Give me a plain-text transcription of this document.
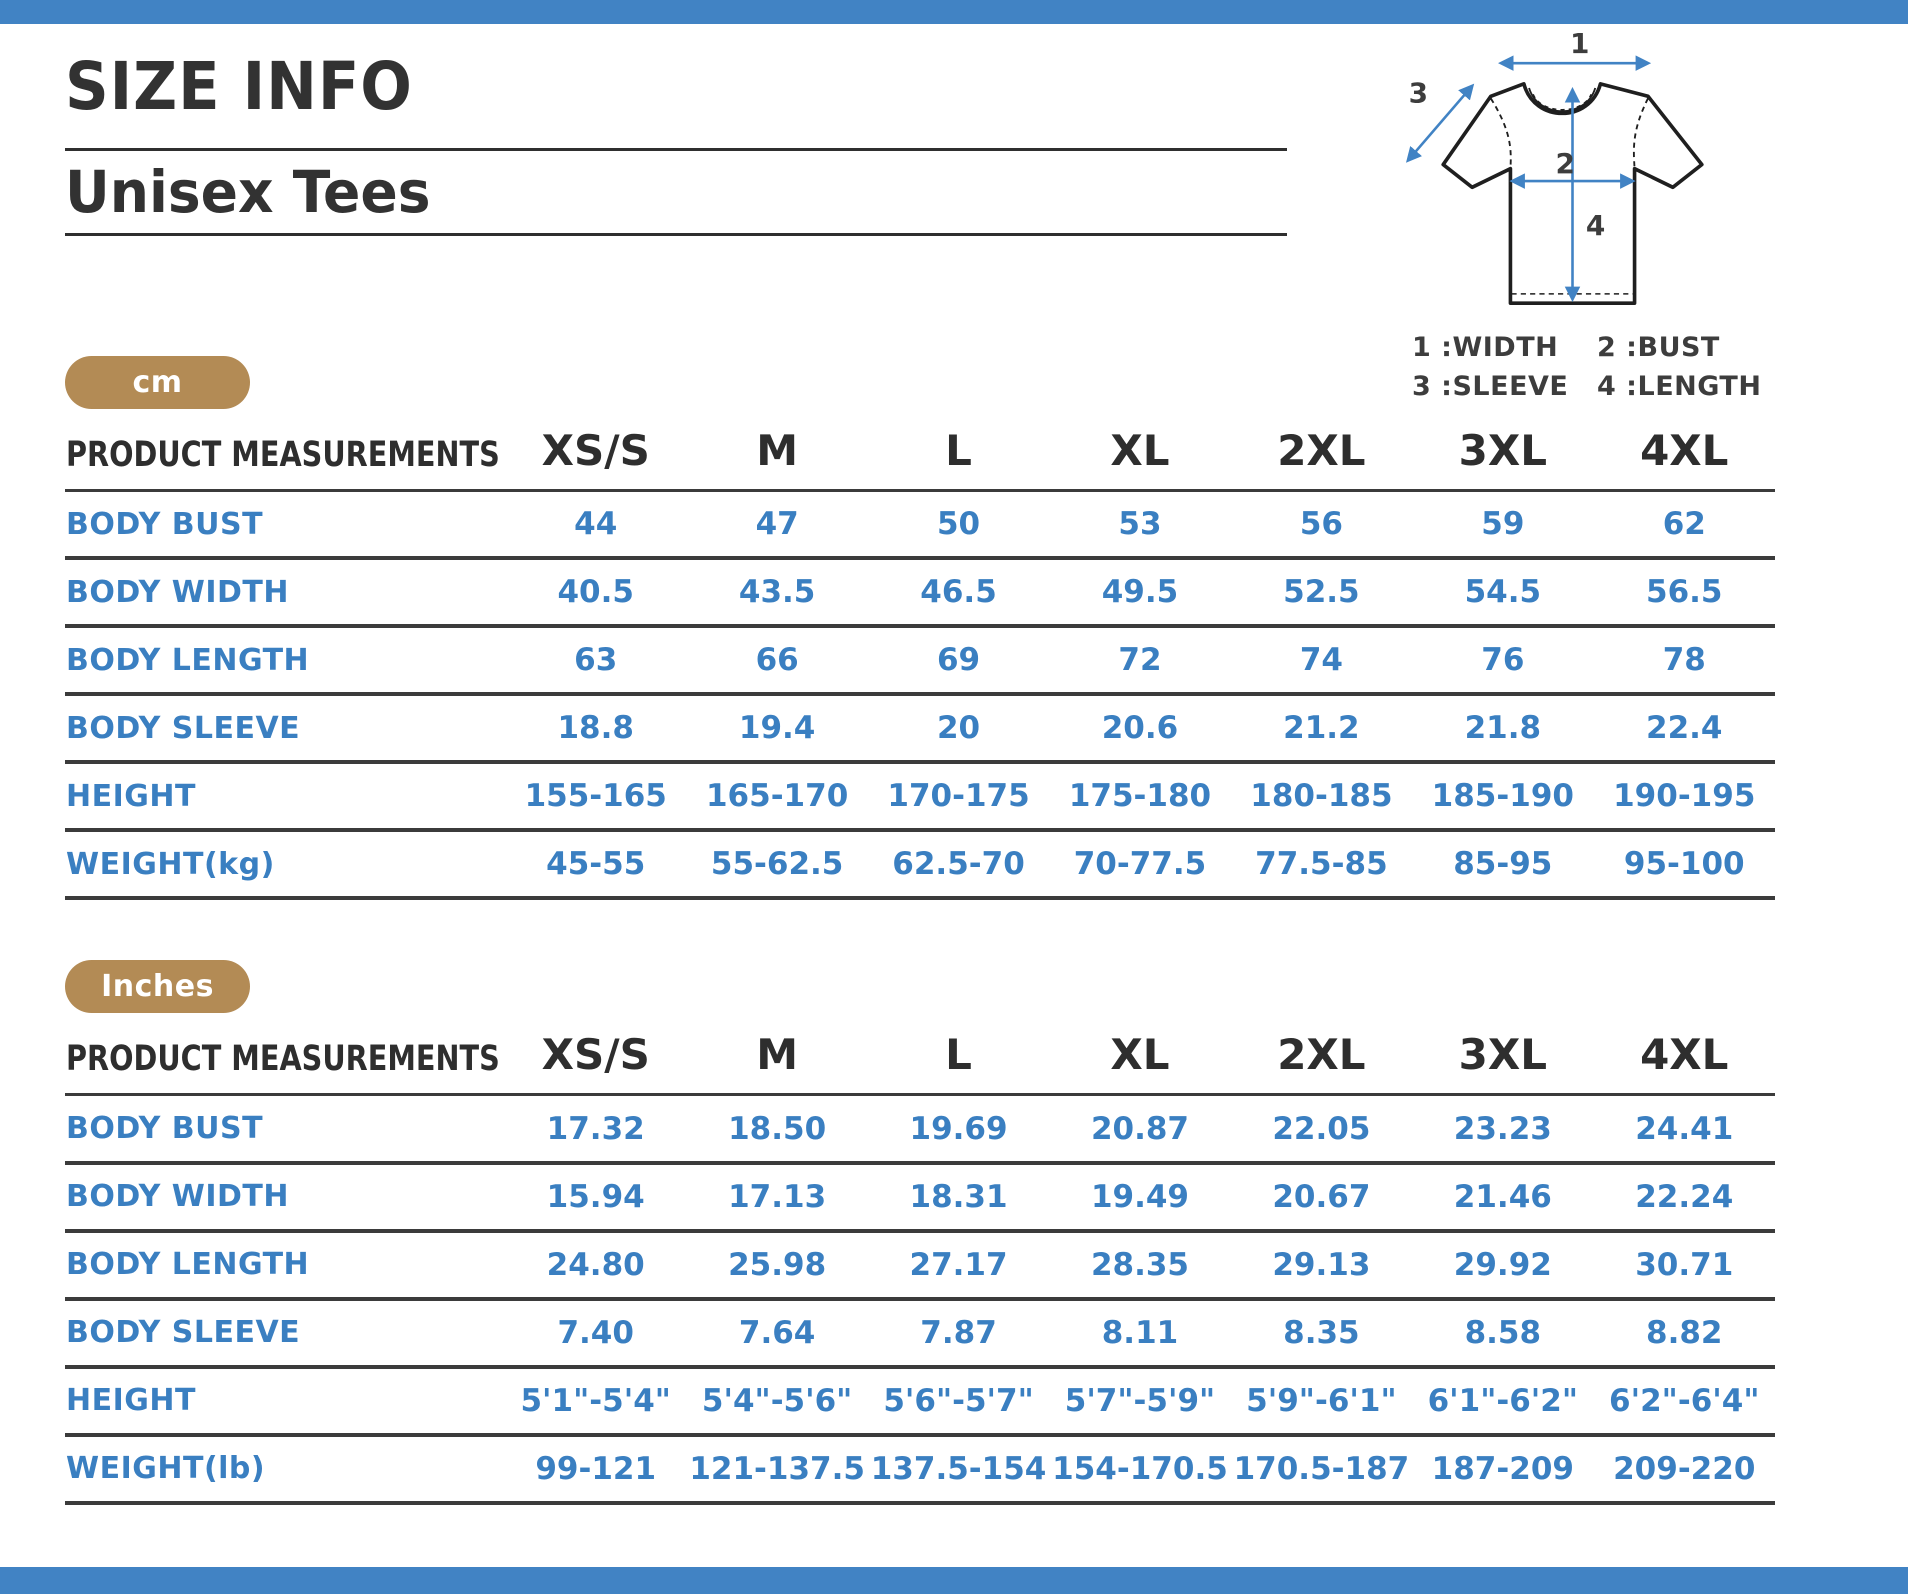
SIZE INFO
Unisex Tees
1
2
3
4
1 :WIDTH	2 :BUST
3 :SLEEVE	4 :LENGTH
cm
PRODUCT MEASUREMENTS	XS/S	M	L	XL	2XL	3XL	4XL
BODY BUST	44	47	50	53	56	59	62
BODY WIDTH	40.5	43.5	46.5	49.5	52.5	54.5	56.5
BODY LENGTH	63	66	69	72	74	76	78
BODY SLEEVE	18.8	19.4	20	20.6	21.2	21.8	22.4
HEIGHT	155-165	165-170	170-175	175-180	180-185	185-190	190-195
WEIGHT(kg)	45-55	55-62.5	62.5-70	70-77.5	77.5-85	85-95	95-100
Inches
PRODUCT MEASUREMENTS	XS/S	M	L	XL	2XL	3XL	4XL
BODY BUST	17.32	18.50	19.69	20.87	22.05	23.23	24.41
BODY WIDTH	15.94	17.13	18.31	19.49	20.67	21.46	22.24
BODY LENGTH	24.80	25.98	27.17	28.35	29.13	29.92	30.71
BODY SLEEVE	7.40	7.64	7.87	8.11	8.35	8.58	8.82
HEIGHT	5'1"-5'4"	5'4"-5'6"	5'6"-5'7"	5'7"-5'9"	5'9"-6'1"	6'1"-6'2"	6'2"-6'4"
WEIGHT(lb)	99-121	121-137.5	137.5-154	154-170.5	170.5-187	187-209	209-220
